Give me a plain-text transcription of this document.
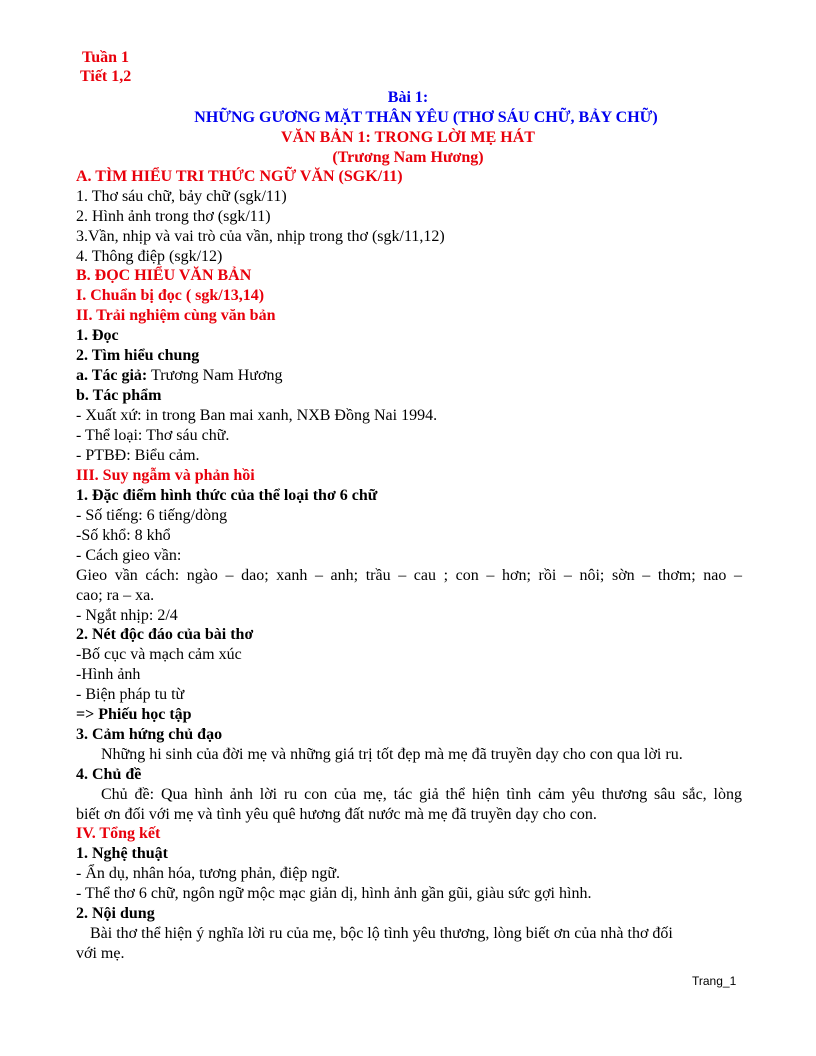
Tuần 1
Tiết 1,2
Bài 1:
NHỮNG GƯƠNG MẶT THÂN YÊU (THƠ SÁU CHỮ, BẢY CHỮ)
VĂN BẢN 1: TRONG LỜI MẸ HÁT
(Trương Nam Hương)
A. TÌM HIỂU TRI THỨC NGỮ VĂN (SGK/11)
1. Thơ sáu chữ, bảy chữ (sgk/11)
2. Hình ảnh trong thơ (sgk/11)
3.Vần, nhịp và vai trò của vần, nhịp trong thơ (sgk/11,12)
4. Thông điệp (sgk/12)
B. ĐỌC HIỂU VĂN BẢN
I. Chuẩn bị đọc ( sgk/13,14)
II. Trải nghiệm cùng văn bản
1. Đọc
2. Tìm hiểu chung
a. Tác giả: Trương Nam Hương
b. Tác phẩm
- Xuất xứ: in trong Ban mai xanh, NXB Đồng Nai 1994.
- Thể loại: Thơ sáu chữ.
- PTBĐ: Biểu cảm.
III. Suy ngẫm và phản hồi
1. Đặc điểm hình thức của thể loại thơ 6 chữ
- Số tiếng: 6 tiếng/dòng
-Số khổ: 8 khổ
- Cách gieo vần:
Gieo vần cách: ngào – dao; xanh – anh; trầu – cau ; con – hơn; rồi – nôi; sờn – thơm; nao –
cao; ra – xa.
- Ngắt nhịp: 2/4
2. Nét độc đáo của bài thơ
-Bố cục và mạch cảm xúc
-Hình ảnh
- Biện pháp tu từ
=> Phiếu học tập
3. Cảm hứng chủ đạo
Những hi sinh của đời mẹ và những giá trị tốt đẹp mà mẹ đã truyền dạy cho con qua lời ru.
4. Chủ đề
Chủ đề: Qua hình ảnh lời ru con của mẹ, tác giả thể hiện tình cảm yêu thương sâu sắc, lòng
biết ơn đối với mẹ và tình yêu quê hương đất nước mà mẹ đã truyền dạy cho con.
IV. Tổng kết
1. Nghệ thuật
- Ẩn dụ, nhân hóa, tương phản, điệp ngữ.
- Thể thơ 6 chữ, ngôn ngữ mộc mạc giản dị, hình ảnh gần gũi, giàu sức gợi hình.
2. Nội dung
Bài thơ thể hiện ý nghĩa lời ru của mẹ, bộc lộ tình yêu thương, lòng biết ơn của nhà thơ đối
với mẹ.
Trang_1
